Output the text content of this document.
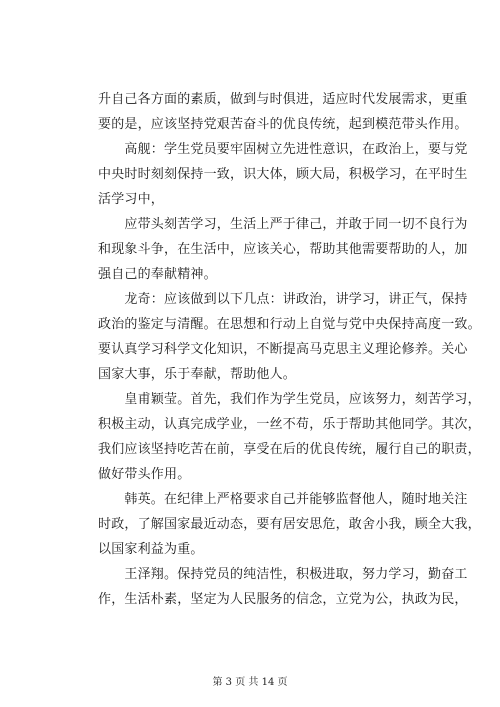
升自己各方面的素质，做到与时俱进，适应时代发展需求，更重
要的是，应该坚持党艰苦奋斗的优良传统，起到模范带头作用。
　　高舰：学生党员要牢固树立先进性意识，在政治上，要与党
中央时时刻刻保持一致，识大体，顾大局，积极学习，在平时生
活学习中，
　　应带头刻苦学习，生活上严于律己，并敢于同一切不良行为
和现象斗争，在生活中，应该关心，帮助其他需要帮助的人，加
强自己的奉献精神。
　　龙奇：应该做到以下几点：讲政治，讲学习，讲正气，保持
政治的鉴定与清醒。在思想和行动上自觉与党中央保持高度一致。
要认真学习科学文化知识，不断提高马克思主义理论修养。关心
国家大事，乐于奉献，帮助他人。
　　皇甫颖莹。首先，我们作为学生党员，应该努力，刻苦学习，
积极主动，认真完成学业，一丝不苟，乐于帮助其他同学。其次，
我们应该坚持吃苦在前，享受在后的优良传统，履行自己的职责，
做好带头作用。
　　韩英。在纪律上严格要求自己并能够监督他人，随时地关注
时政，了解国家最近动态，要有居安思危，敢舍小我，顾全大我，
以国家利益为重。
　　王泽翔。保持党员的纯洁性，积极进取，努力学习，勤奋工
作，生活朴素，坚定为人民服务的信念，立党为公，执政为民，
第 3 页 共 14 页
